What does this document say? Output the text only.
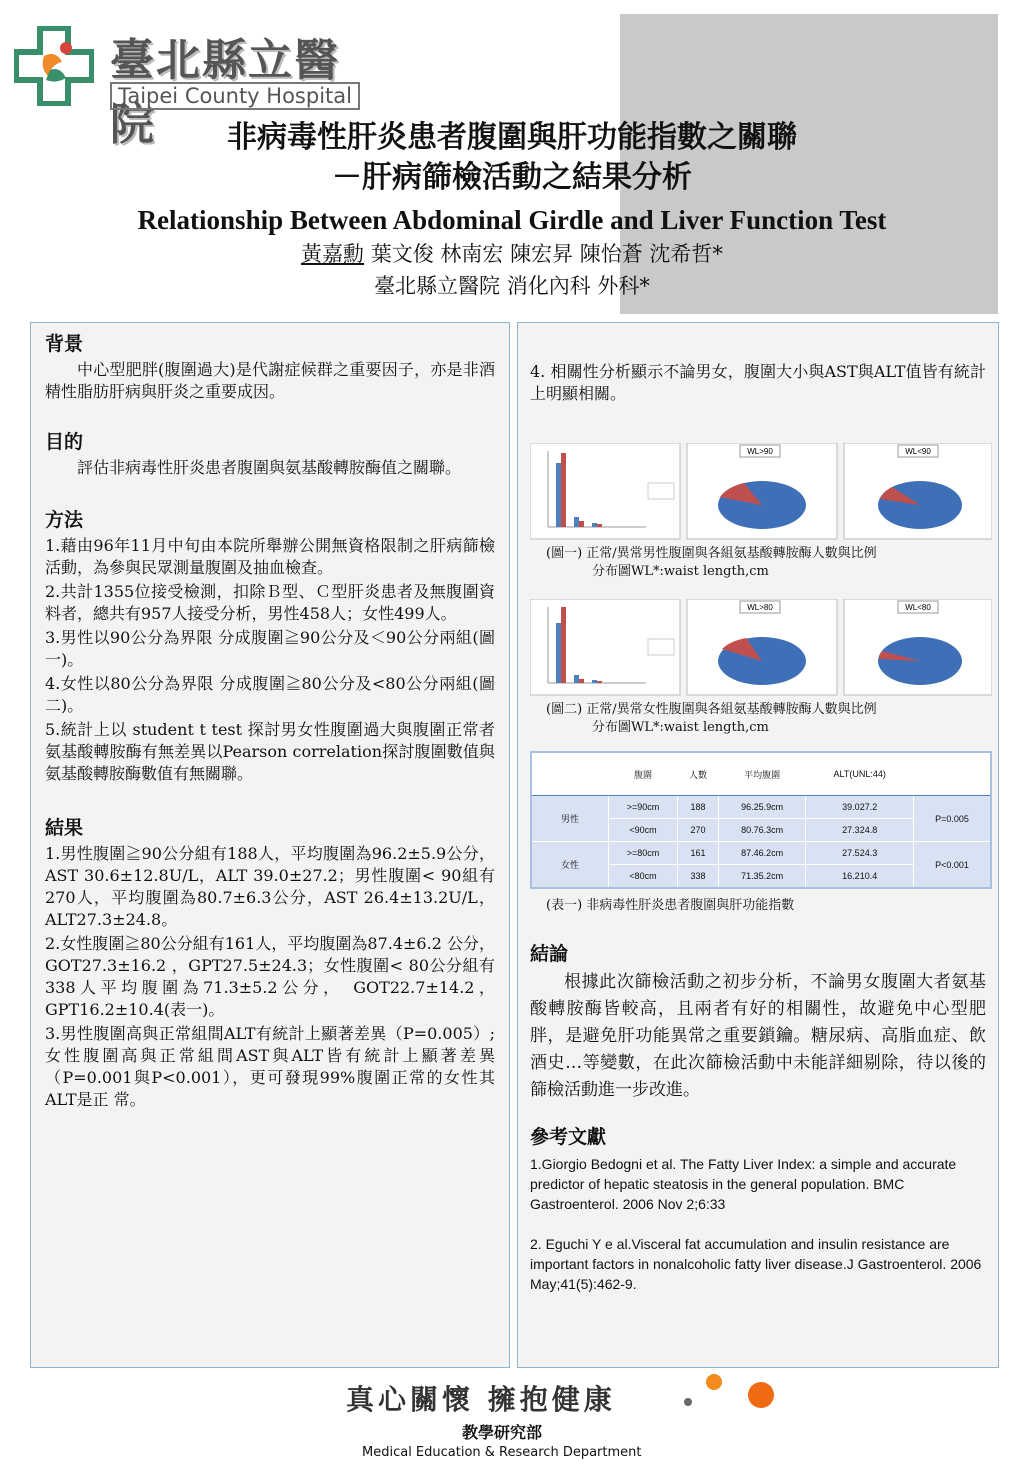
臺北縣立醫院
Taipei County Hospital
非病毒性肝炎患者腹圍與肝功能指數之關聯
－肝病篩檢活動之結果分析
Relationship Between Abdominal Girdle and Liver Function Test
黃嘉勳 葉文俊 林南宏 陳宏昇 陳怡蒼 沈希哲*
臺北縣立醫院 消化內科 外科*
背景

中心型肥胖(腹圍過大)是代謝症候群之重要因子，亦是非酒精性脂肪肝病與肝炎之重要成因。

目的

評估非病毒性肝炎患者腹圍與氨基酸轉胺酶值之關聯。

方法

1.藉由96年11月中旬由本院所舉辦公開無資格限制之肝病篩檢活動，為參與民眾測量腹圍及抽血檢查。

2.共計1355位接受檢測，扣除Ｂ型、Ｃ型肝炎患者及無腹圍資料者，總共有957人接受分析，男性458人；女性499人。

3.男性以90公分為界限 分成腹圍≧90公分及＜90公分兩組(圖一)。

4.女性以80公分為界限 分成腹圍≧80公分及<80公分兩組(圖二)。

5.統計上以 student t test 探討男女性腹圍過大與腹圍正常者氨基酸轉胺酶有無差異以Pearson correlation探討腹圍數值與氨基酸轉胺酶數值有無關聯。

結果

1.男性腹圍≧90公分組有188人，平均腹圍為96.2±5.9公分，AST 30.6±12.8U/L，ALT 39.0±27.2；男性腹圍< 90組有270人，平均腹圍為80.7±6.3公分，AST 26.4±13.2U/L，ALT27.3±24.8。

2.女性腹圍≧80公分組有161人，平均腹圍為87.4±6.2 公分， GOT27.3±16.2 ，GPT27.5±24.3；女性腹圍< 80公分組有338人平均腹圍為71.3±5.2公分， GOT22.7±14.2，GPT16.2±10.4(表一)。

3.男性腹圍高與正常組間ALT有統計上顯著差異（P=0.005）;女性腹圍高與正常組間AST與ALT皆有統計上顯著差異（P=0.001與P<0.001），更可發現99%腹圍正常的女性其ALT是正 常。

4. 相關性分析顯示不論男女，腹圍大小與AST與ALT值皆有統計上明顯相關。

WL>90	WL<90
(圖一) 正常/異常男性腹圍與各組氨基酸轉胺酶人數與比例
分布圖WL*:waist length,cm
WL>80	WL<80
(圖二) 正常/異常女性腹圍與各組氨基酸轉胺酶人數與比例
分布圖WL*:waist length,cm
	腹圍	人數	平均腹圍	ALT(UNL:44)	
男性	>=90cm	188	96.25.9cm	39.027.2	P=0.005
	<90cm	270	80.76.3cm	27.324.8	
女性	>=80cm	161	87.46.2cm	27.524.3	P<0.001
	<80cm	338	71.35.2cm	16.210.4	
(表一) 非病毒性肝炎患者腹圍與肝功能指數
結論

根據此次篩檢活動之初步分析，不論男女腹圍大者氨基酸轉胺酶皆較高，且兩者有好的相關性，故避免中心型肥胖，是避免肝功能異常之重要鎖鑰。糖尿病、高脂血症、飲酒史…等變數，在此次篩檢活動中未能詳細剔除，待以後的篩檢活動進一步改進。

參考文獻
1.Giorgio Bedogni et al. The Fatty Liver Index: a simple and accurate predictor of hepatic steatosis in the general population. BMC Gastroenterol. 2006 Nov 2;6:33
2. Eguchi Y e al.Visceral fat accumulation and insulin resistance are important factors in nonalcoholic fatty liver disease.J Gastroenterol. 2006 May;41(5):462-9.
真心關懷 擁抱健康
教學研究部
Medical Education & Research Department
